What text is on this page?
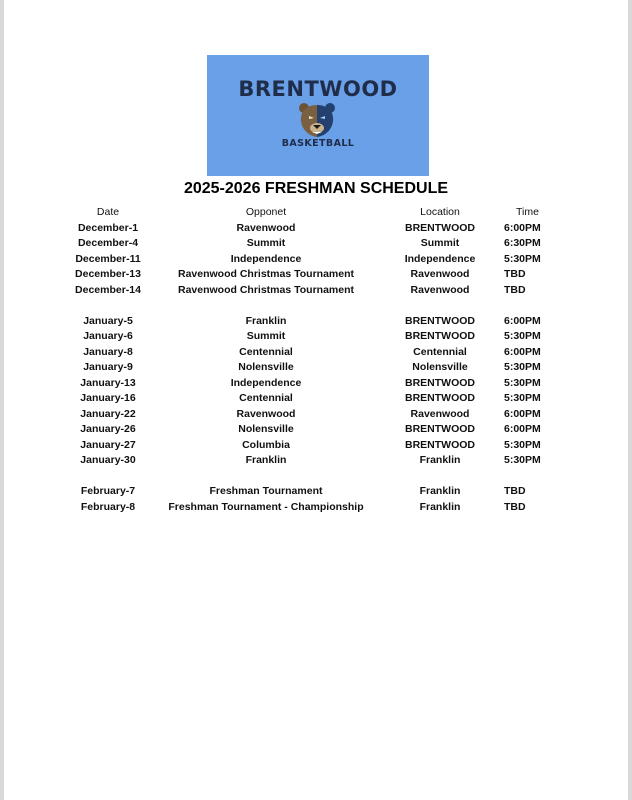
BRENTWOOD
BASKETBALL
2025-2026 FRESHMAN SCHEDULE
Date	Opponet	Location	Time
December-1	Ravenwood	BRENTWOOD	6:00PM
December-4	Summit	Summit	6:30PM
December-11	Independence	Independence	5:30PM
December-13	Ravenwood Christmas Tournament	Ravenwood	TBD
December-14	Ravenwood Christmas Tournament	Ravenwood	TBD
January-5	Franklin	BRENTWOOD	6:00PM
January-6	Summit	BRENTWOOD	5:30PM
January-8	Centennial	Centennial	6:00PM
January-9	Nolensville	Nolensville	5:30PM
January-13	Independence	BRENTWOOD	5:30PM
January-16	Centennial	BRENTWOOD	5:30PM
January-22	Ravenwood	Ravenwood	6:00PM
January-26	Nolensville	BRENTWOOD	6:00PM
January-27	Columbia	BRENTWOOD	5:30PM
January-30	Franklin	Franklin	5:30PM
February-7	Freshman Tournament	Franklin	TBD
February-8	Freshman Tournament - Championship	Franklin	TBD
